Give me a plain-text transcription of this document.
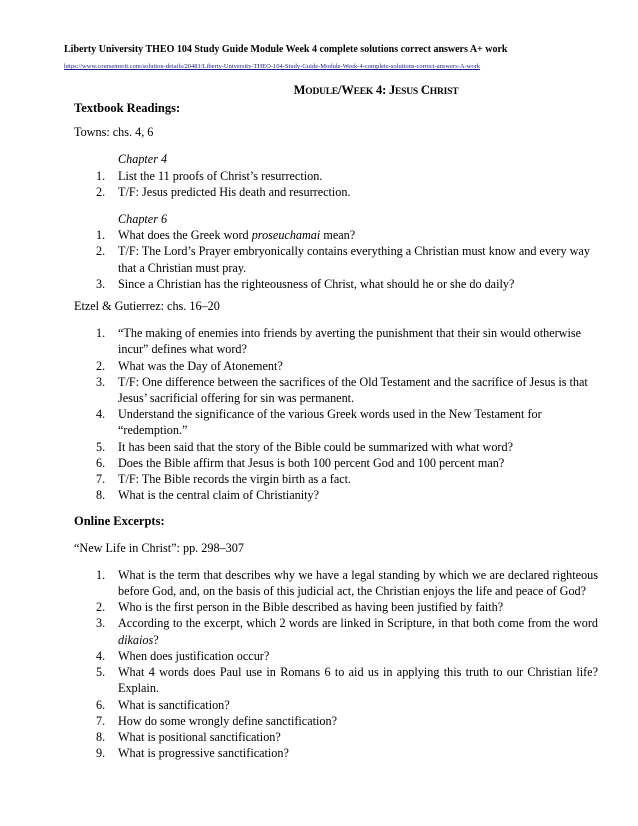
Liberty University THEO 104 Study Guide Module Week 4 complete solutions correct answers A+ work
https://www.coursemerit.com/solution-details/20481/Liberty-University-THEO-104-Study-Guide-Module-Week-4-complete-solutions-correct-answers-A-work
MODULE/WEEK 4: JESUS CHRIST
Textbook Readings:
Towns: chs. 4, 6
Chapter 4
1.	List the 11 proofs of Christ’s resurrection.
2.	T/F: Jesus predicted His death and resurrection.
Chapter 6
1.	What does the Greek word proseuchamai mean?
2.	T/F: The Lord’s Prayer embryonically contains everything a Christian must know and every way that a Christian must pray.
3.	Since a Christian has the righteousness of Christ, what should he or she do daily?
Etzel & Gutierrez: chs. 16–20
1.	“The making of enemies into friends by averting the punishment that their sin would otherwise incur” defines what word?
2.	What was the Day of Atonement?
3.	T/F: One difference between the sacrifices of the Old Testament and the sacrifice of Jesus is that Jesus’ sacrificial offering for sin was permanent.
4.	Understand the significance of the various Greek words used in the New Testament for “redemption.”
5.	It has been said that the story of the Bible could be summarized with what word?
6.	Does the Bible affirm that Jesus is both 100 percent God and 100 percent man?
7.	T/F: The Bible records the virgin birth as a fact.
8.	What is the central claim of Christianity?
Online Excerpts:
“New Life in Christ”: pp. 298–307
1.	What is the term that describes why we have a legal standing by which we are declared righteous before God, and, on the basis of this judicial act, the Christian enjoys the life and peace of God?
2.	Who is the first person in the Bible described as having been justified by faith?
3.	According to the excerpt, which 2 words are linked in Scripture, in that both come from the word dikaios?
4.	When does justification occur?
5.	What 4 words does Paul use in Romans 6 to aid us in applying this truth to our Christian life? Explain.
6.	What is sanctification?
7.	How do some wrongly define sanctification?
8.	What is positional sanctification?
9.	What is progressive sanctification?
